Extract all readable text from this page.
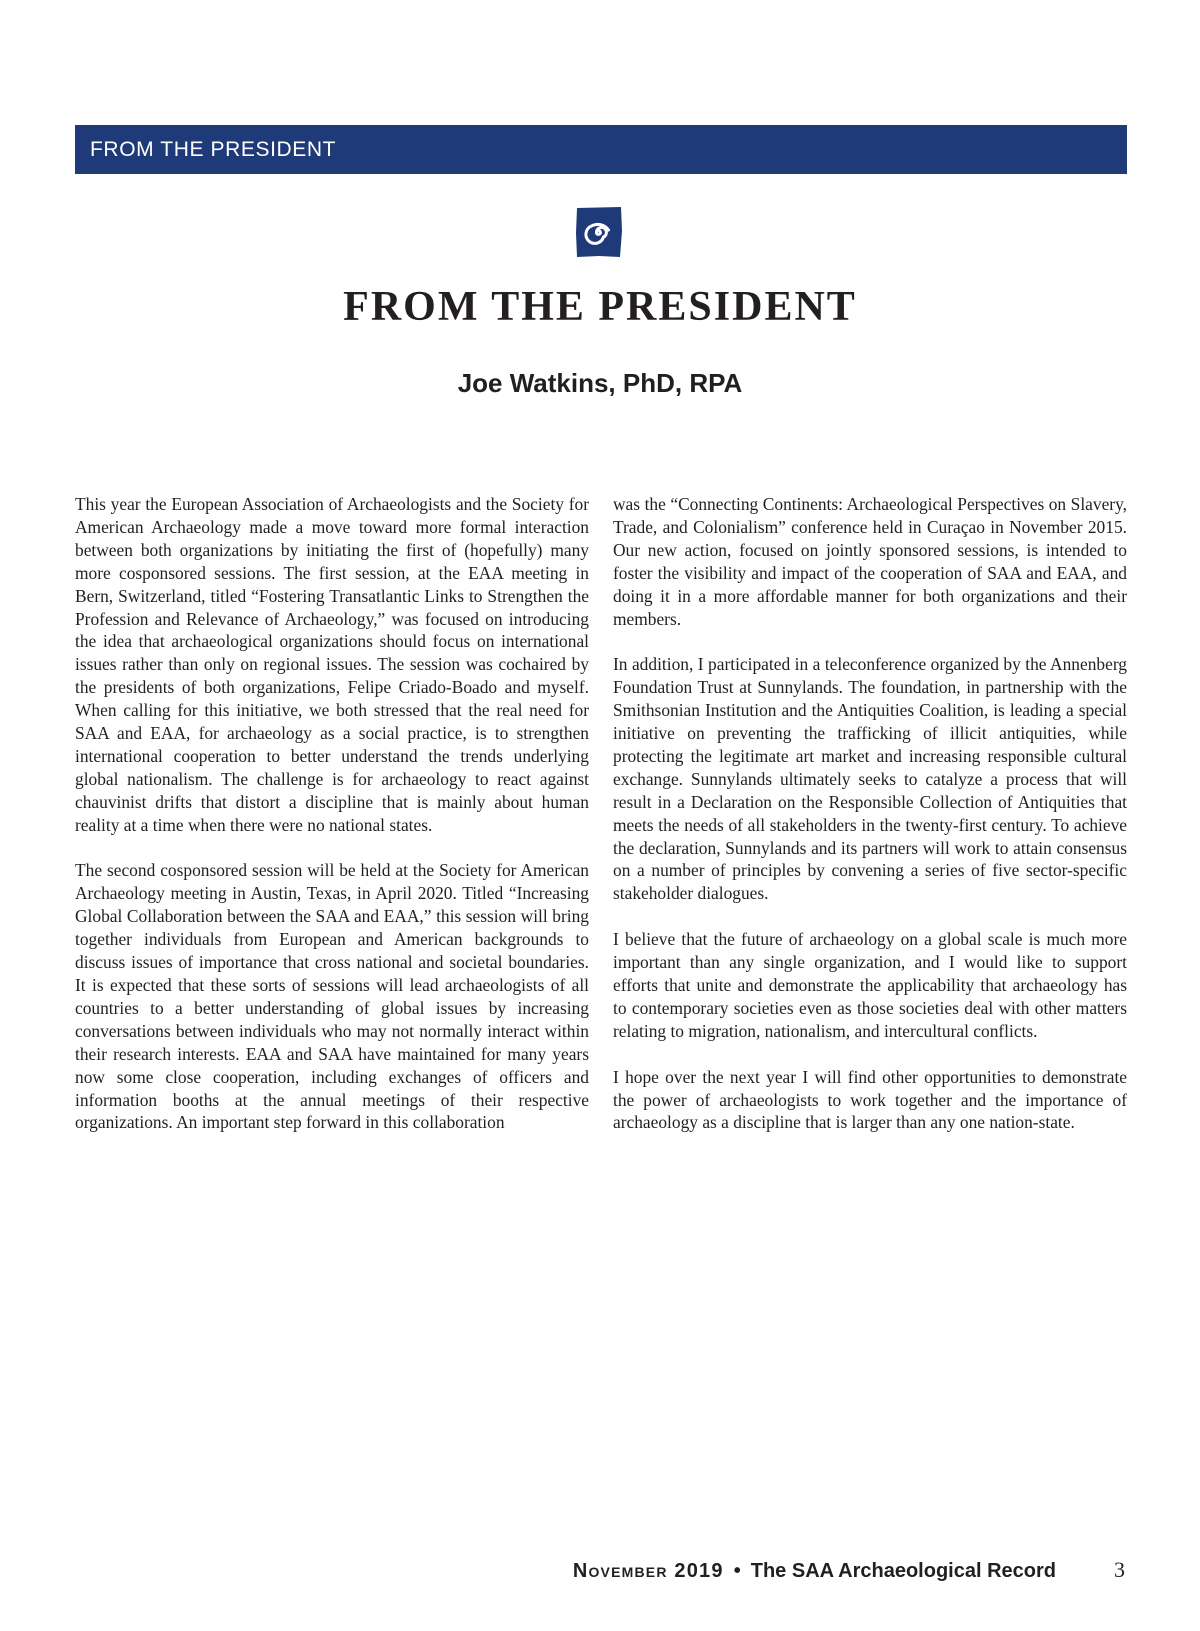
FROM THE PRESIDENT
FROM THE PRESIDENT

Joe Watkins, PhD, RPA

This year the European Association of Archaeologists and the Society for American Archaeology made a move toward more formal interaction between both organizations by initiating the first of (hopefully) many more cosponsored sessions. The first session, at the EAA meeting in Bern, Switzerland, titled “Fostering Transatlantic Links to Strengthen the Profession and Relevance of Archaeology,” was focused on introducing the idea that archaeological organizations should focus on international issues rather than only on regional issues. The session was cochaired by the presidents of both organizations, Felipe Criado-Boado and myself. When calling for this initiative, we both stressed that the real need for SAA and EAA, for archaeology as a social practice, is to strengthen international cooperation to better understand the trends underlying global nationalism. The challenge is for archaeology to react against chauvinist drifts that distort a discipline that is mainly about human reality at a time when there were no national states.

The second cosponsored session will be held at the Society for American Archaeology meeting in Austin, Texas, in April 2020. Titled “Increasing Global Collaboration between the SAA and EAA,” this session will bring together individuals from European and American backgrounds to discuss issues of importance that cross national and societal boundaries. It is expected that these sorts of sessions will lead archaeologists of all countries to a better understanding of global issues by increasing conversations between individuals who may not normally interact within their research interests. EAA and SAA have maintained for many years now some close cooperation, including exchanges of officers and information booths at the annual meetings of their respective organizations. An important step forward in this collaboration

was the “Connecting Continents: Archaeological Perspectives on Slavery, Trade, and Colonialism” conference held in Curaçao in November 2015. Our new action, focused on jointly sponsored sessions, is intended to foster the visibility and impact of the cooperation of SAA and EAA, and doing it in a more affordable manner for both organizations and their members.

In addition, I participated in a teleconference organized by the Annenberg Foundation Trust at Sunnylands. The foundation, in partnership with the Smithsonian Institution and the Antiquities Coalition, is leading a special initiative on preventing the trafficking of illicit antiquities, while protecting the legitimate art market and increasing responsible cultural exchange. Sunnylands ultimately seeks to catalyze a process that will result in a Declaration on the Responsible Collection of Antiquities that meets the needs of all stakeholders in the twenty-first century. To achieve the declaration, Sunnylands and its partners will work to attain consensus on a number of principles by convening a series of five sector-specific stakeholder dialogues.

I believe that the future of archaeology on a global scale is much more important than any single organization, and I would like to support efforts that unite and demonstrate the applicability that archaeology has to contemporary societies even as those societies deal with other matters relating to migration, nationalism, and intercultural conflicts.

I hope over the next year I will find other opportunities to demonstrate the power of archaeologists to work together and the importance of archaeology as a discipline that is larger than any one nation-state.

November 2019 • The SAA Archaeological Record	3
